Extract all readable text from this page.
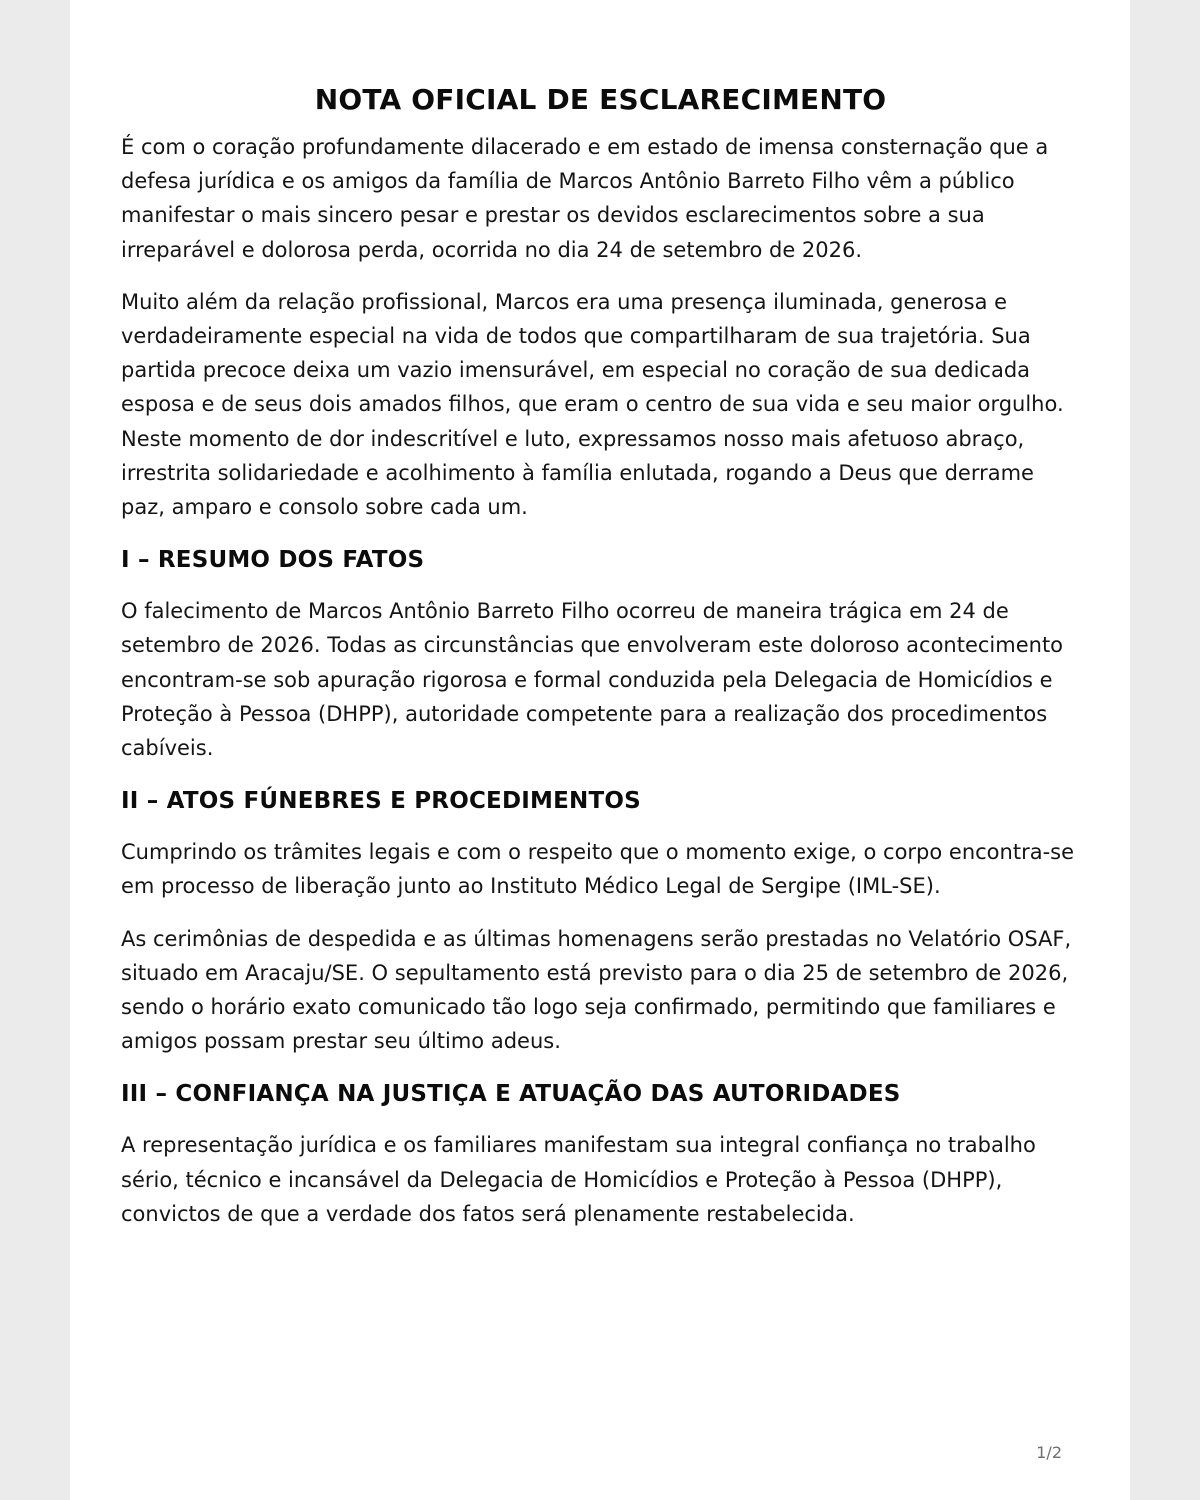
NOTA OFICIAL DE ESCLARECIMENTO

É com o coração profundamente dilacerado e em estado de imensa consternação que a defesa jurídica e os amigos da família de Marcos Antônio Barreto Filho vêm a público manifestar o mais sincero pesar e prestar os devidos esclarecimentos sobre a sua irreparável e dolorosa perda, ocorrida no dia 24 de setembro de 2026.

Muito além da relação profissional, Marcos era uma presença iluminada, generosa e verdadeiramente especial na vida de todos que compartilharam de sua trajetória. Sua partida precoce deixa um vazio imensurável, em especial no coração de sua dedicada esposa e de seus dois amados filhos, que eram o centro de sua vida e seu maior orgulho. Neste momento de dor indescritível e luto, expressamos nosso mais afetuoso abraço, irrestrita solidariedade e acolhimento à família enlutada, rogando a Deus que derrame paz, amparo e consolo sobre cada um.

I – RESUMO DOS FATOS

O falecimento de Marcos Antônio Barreto Filho ocorreu de maneira trágica em 24 de setembro de 2026. Todas as circunstâncias que envolveram este doloroso acontecimento encontram-se sob apuração rigorosa e formal conduzida pela Delegacia de Homicídios e Proteção à Pessoa (DHPP), autoridade competente para a realização dos procedimentos cabíveis.

II – ATOS FÚNEBRES E PROCEDIMENTOS

Cumprindo os trâmites legais e com o respeito que o momento exige, o corpo encontra-se em processo de liberação junto ao Instituto Médico Legal de Sergipe (IML-SE).

As cerimônias de despedida e as últimas homenagens serão prestadas no Velatório OSAF, situado em Aracaju/SE. O sepultamento está previsto para o dia 25 de setembro de 2026, sendo o horário exato comunicado tão logo seja confirmado, permitindo que familiares e amigos possam prestar seu último adeus.

III – CONFIANÇA NA JUSTIÇA E ATUAÇÃO DAS AUTORIDADES

A representação jurídica e os familiares manifestam sua integral confiança no trabalho sério, técnico e incansável da Delegacia de Homicídios e Proteção à Pessoa (DHPP), convictos de que a verdade dos fatos será plenamente restabelecida.

1/2
